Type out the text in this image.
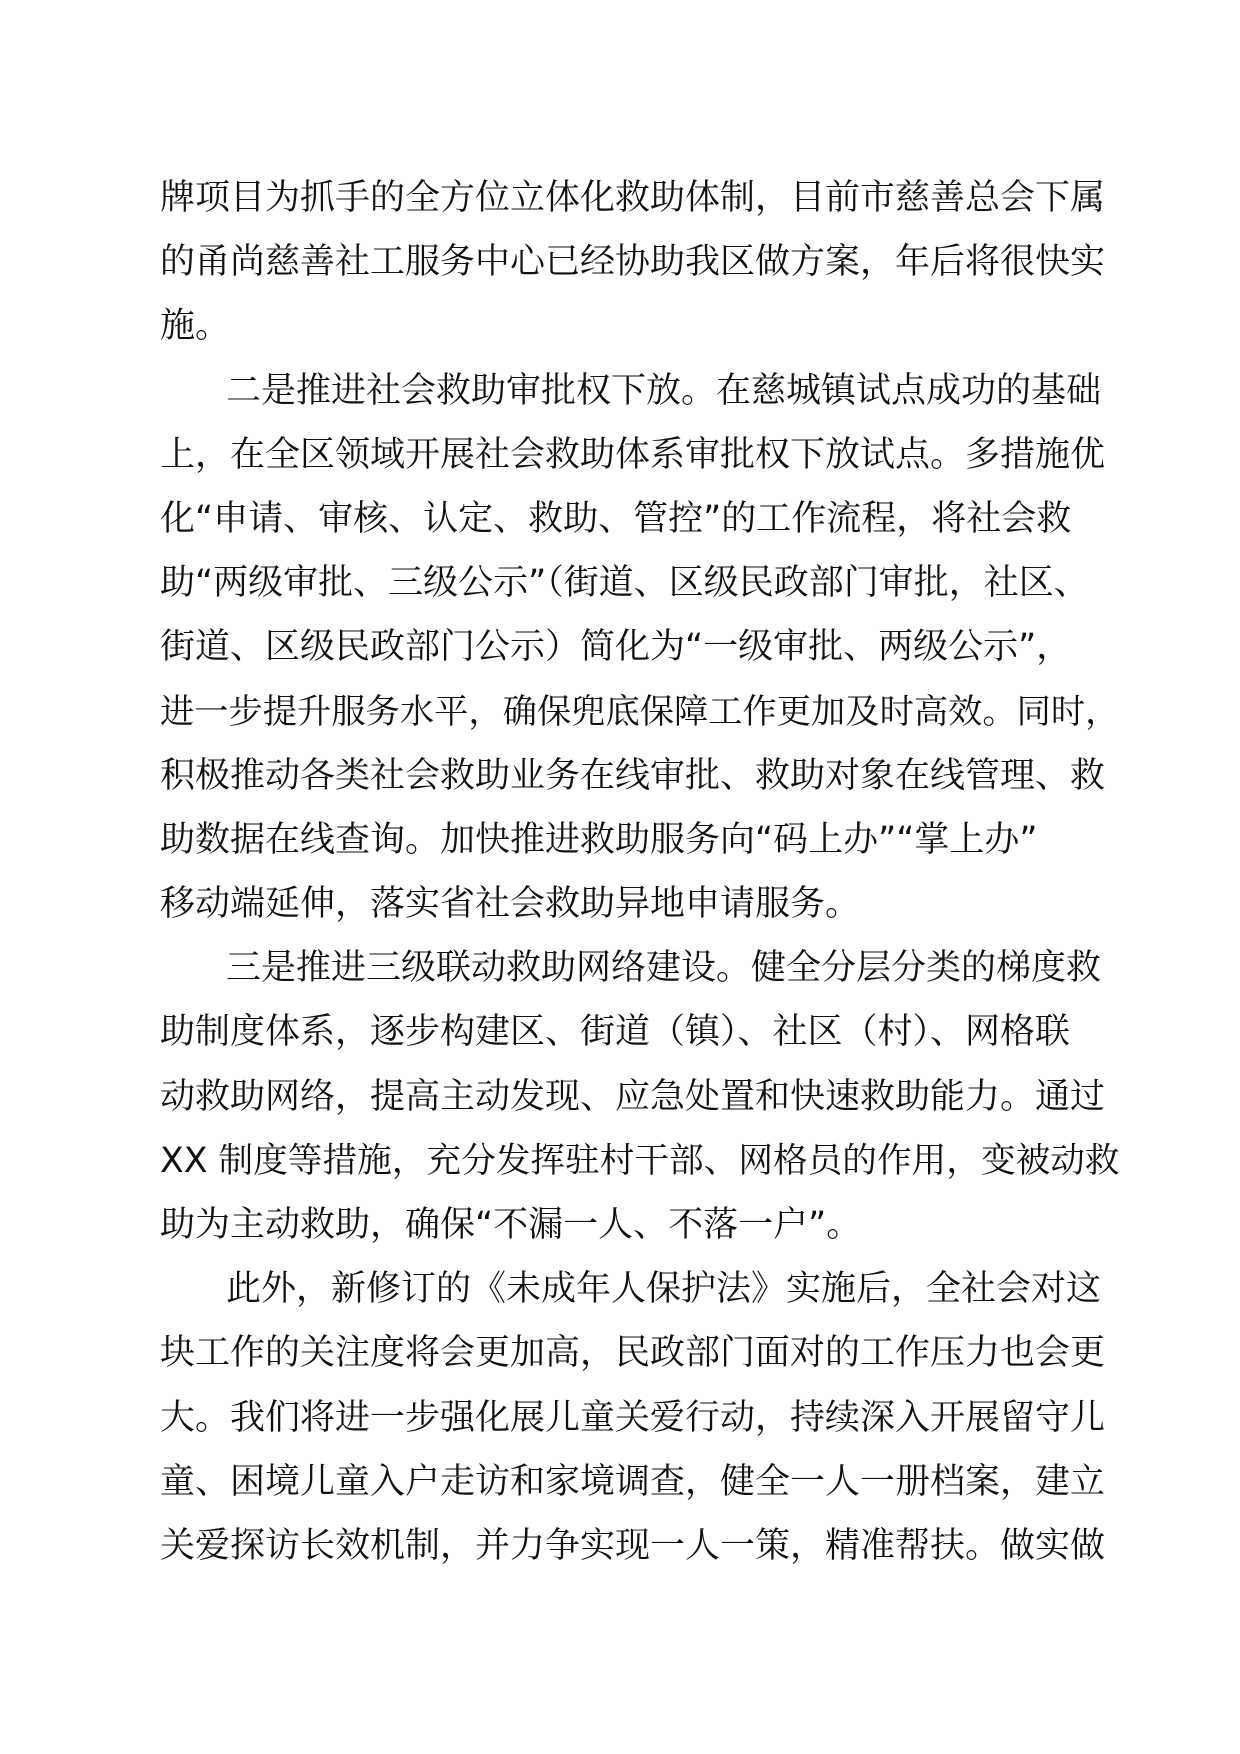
牌项目为抓手的全方位立体化救助体制，目前市慈善总会下属
的甬尚慈善社工服务中心已经协助我区做方案，年后将很快实
施。
二是推进社会救助审批权下放。在慈城镇试点成功的基础
上，在全区领域开展社会救助体系审批权下放试点。多措施优
化“申请、审核、认定、救助、管控”的工作流程，将社会救
助“两级审批、三级公示”（街道、区级民政部门审批，社区、
街道、区级民政部门公示）简化为“一级审批、两级公示”，
进一步提升服务水平，确保兜底保障工作更加及时高效。同时，
积极推动各类社会救助业务在线审批、救助对象在线管理、救
助数据在线查询。加快推进救助服务向“码上办”“掌上办”
移动端延伸，落实省社会救助异地申请服务。
三是推进三级联动救助网络建设。健全分层分类的梯度救
助制度体系，逐步构建区、街道（镇）、社区（村）、网格联
动救助网络，提高主动发现、应急处置和快速救助能力。通过
XX 制度等措施，充分发挥驻村干部、网格员的作用，变被动救
助为主动救助，确保“不漏一人、不落一户”。
此外，新修订的《未成年人保护法》实施后，全社会对这
块工作的关注度将会更加高，民政部门面对的工作压力也会更
大。我们将进一步强化展儿童关爱行动，持续深入开展留守儿
童、困境儿童入户走访和家境调查，健全一人一册档案，建立
关爱探访长效机制，并力争实现一人一策，精准帮扶。做实做
